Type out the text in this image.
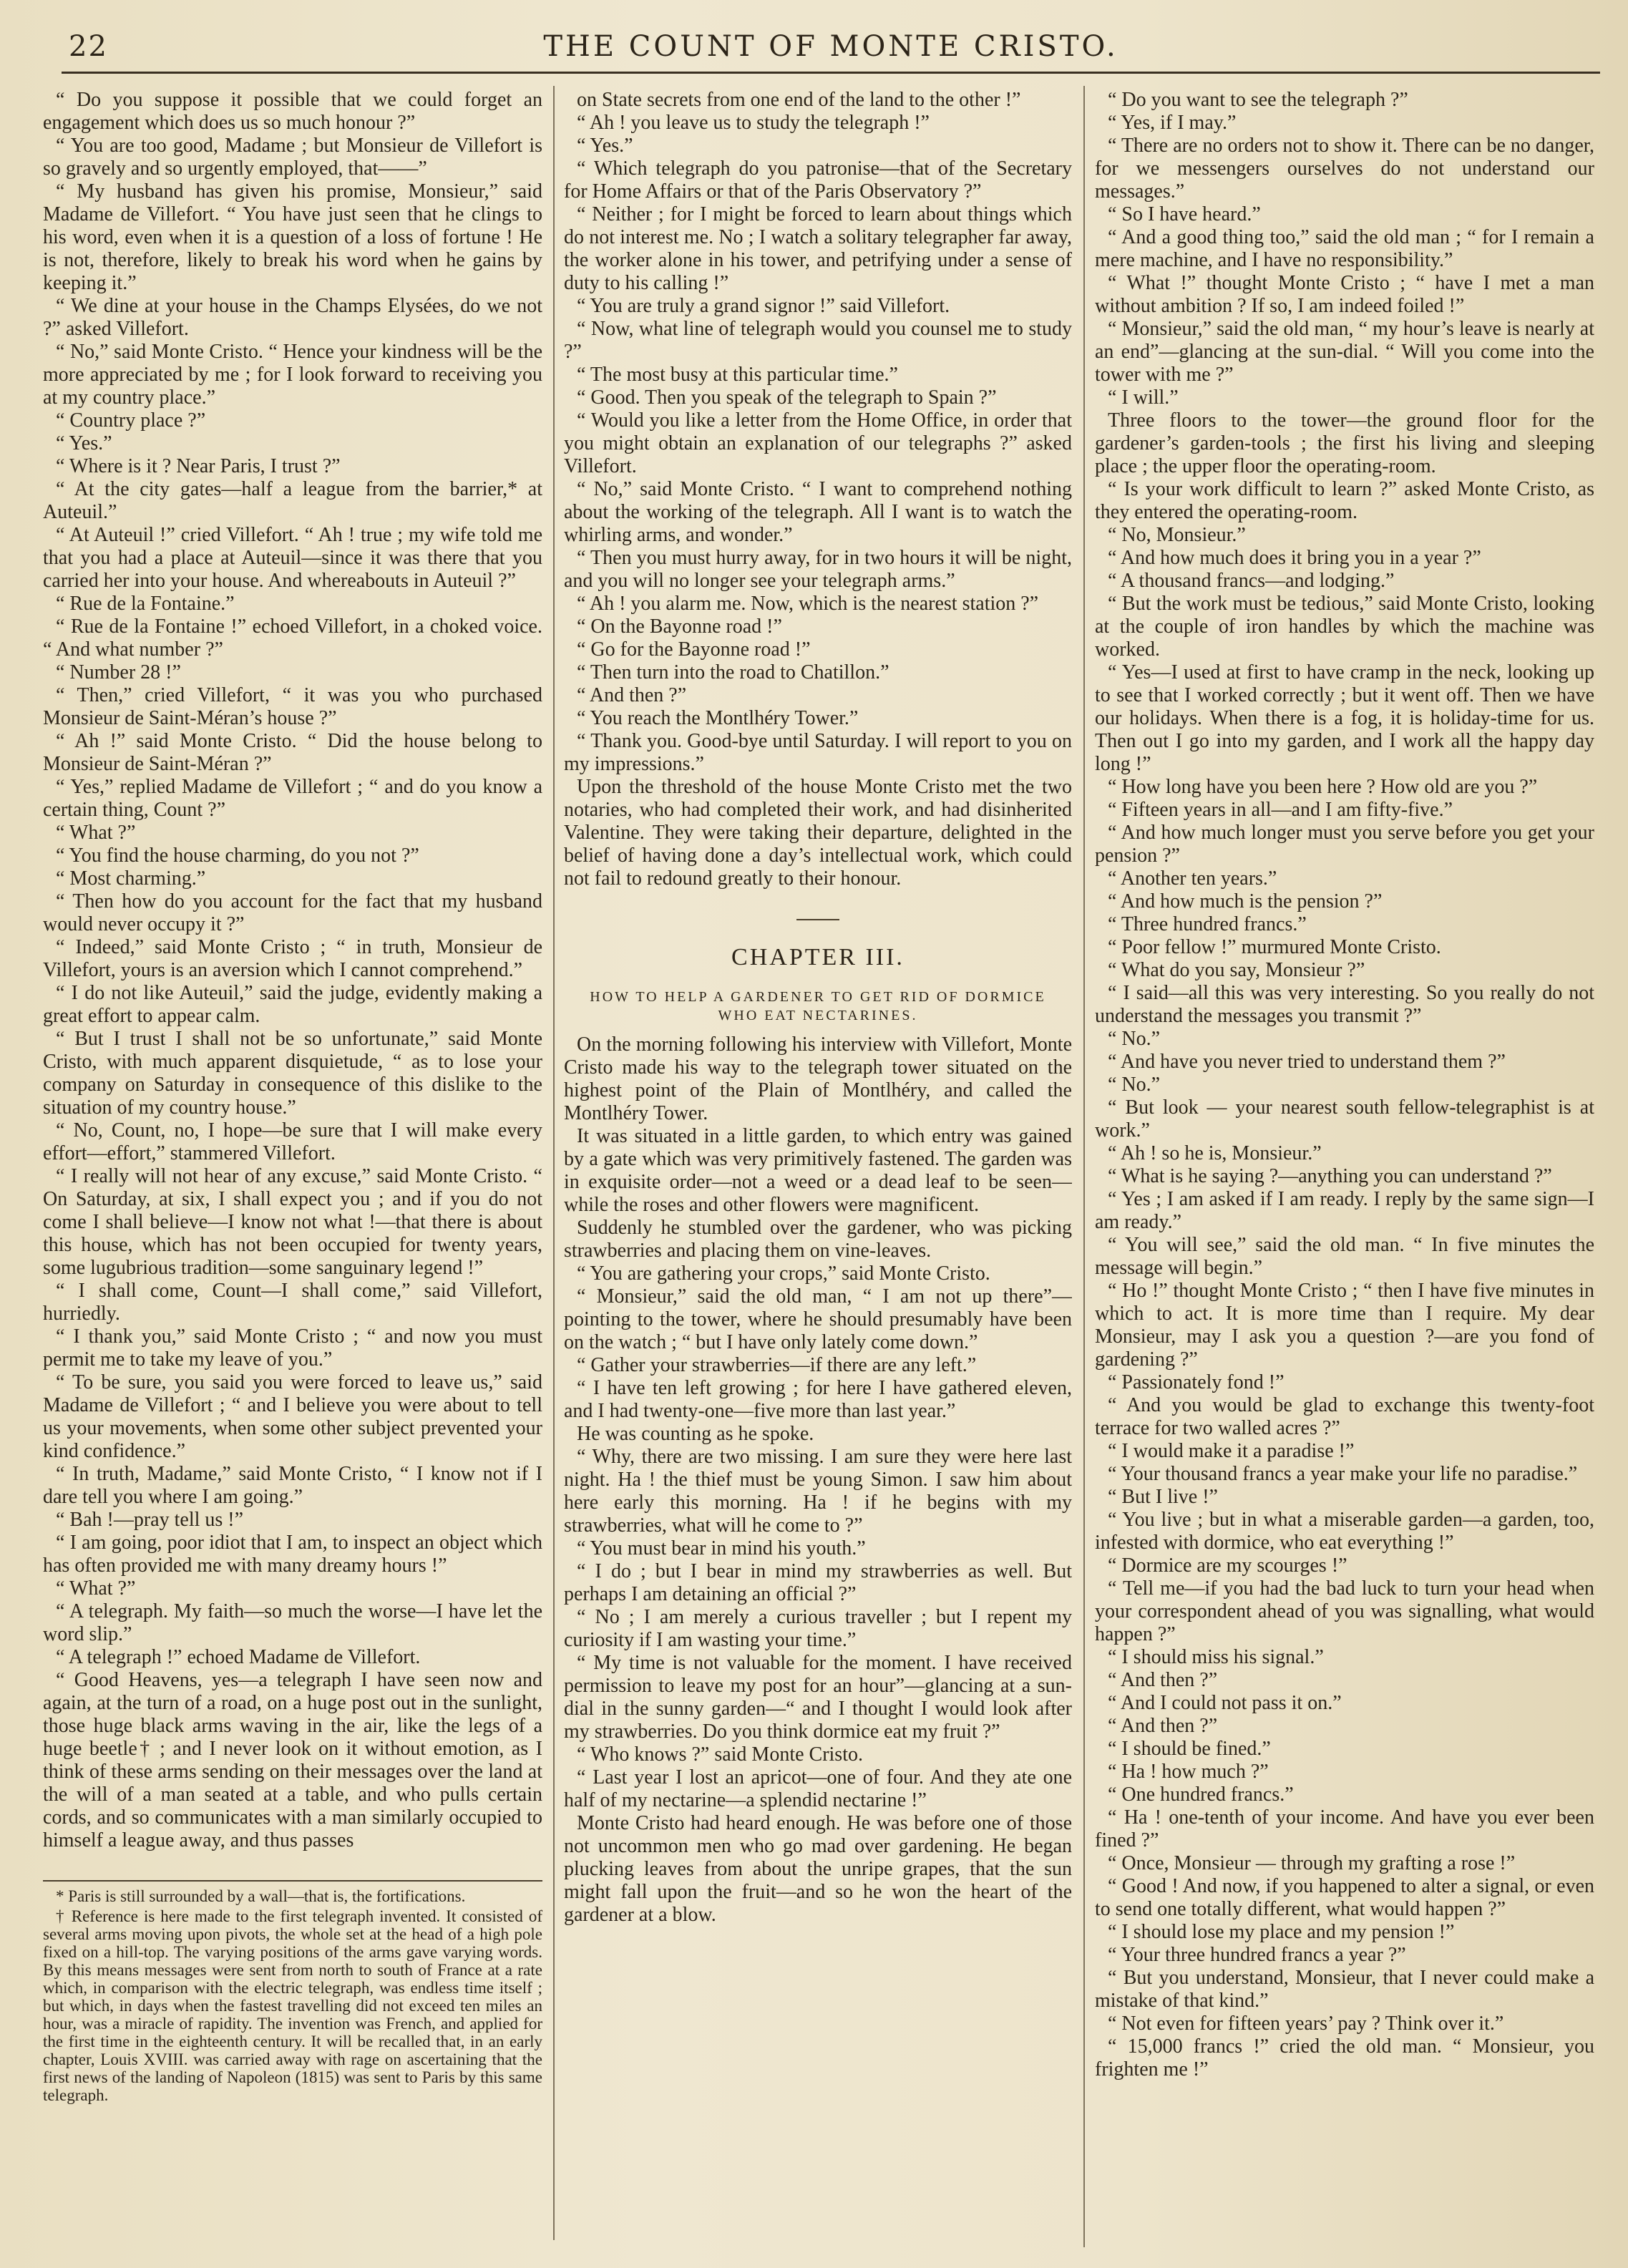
22	THE COUNT OF MONTE CRISTO.

“ Do you suppose it possible that we could forget an engagement which does us so much honour ?”

“ You are too good, Madame ; but Monsieur de Villefort is so gravely and so urgently employed, that——”

“ My husband has given his promise, Monsieur,” said Madame de Villefort. “ You have just seen that he clings to his word, even when it is a question of a loss of fortune ! He is not, therefore, likely to break his word when he gains by keeping it.”

“ We dine at your house in the Champs Elysées, do we not ?” asked Villefort.

“ No,” said Monte Cristo. “ Hence your kindness will be the more appreciated by me ; for I look forward to receiving you at my country place.”

“ Country place ?”

“ Yes.”

“ Where is it ? Near Paris, I trust ?”

“ At the city gates—half a league from the barrier,* at Auteuil.”

“ At Auteuil !” cried Villefort. “ Ah ! true ; my wife told me that you had a place at Auteuil—since it was there that you carried her into your house. And whereabouts in Auteuil ?”

“ Rue de la Fontaine.”

“ Rue de la Fontaine !” echoed Villefort, in a choked voice. “ And what number ?”

“ Number 28 !”

“ Then,” cried Villefort, “ it was you who purchased Monsieur de Saint-Méran’s house ?”

“ Ah !” said Monte Cristo. “ Did the house belong to Monsieur de Saint-Méran ?”

“ Yes,” replied Madame de Villefort ; “ and do you know a certain thing, Count ?”

“ What ?”

“ You find the house charming, do you not ?”

“ Most charming.”

“ Then how do you account for the fact that my husband would never occupy it ?”

“ Indeed,” said Monte Cristo ; “ in truth, Monsieur de Villefort, yours is an aversion which I cannot comprehend.”

“ I do not like Auteuil,” said the judge, evidently making a great effort to appear calm.

“ But I trust I shall not be so unfortunate,” said Monte Cristo, with much apparent disquietude, “ as to lose your company on Saturday in consequence of this dislike to the situation of my country house.”

“ No, Count, no, I hope—be sure that I will make every effort—effort,” stammered Villefort.

“ I really will not hear of any excuse,” said Monte Cristo. “ On Saturday, at six, I shall expect you ; and if you do not come I shall believe—I know not what !—that there is about this house, which has not been occupied for twenty years, some lugubrious tradition—some sanguinary legend !”

“ I shall come, Count—I shall come,” said Villefort, hurriedly.

“ I thank you,” said Monte Cristo ; “ and now you must permit me to take my leave of you.”

“ To be sure, you said you were forced to leave us,” said Madame de Villefort ; “ and I believe you were about to tell us your movements, when some other subject prevented your kind confidence.”

“ In truth, Madame,” said Monte Cristo, “ I know not if I dare tell you where I am going.”

“ Bah !—pray tell us !”

“ I am going, poor idiot that I am, to inspect an object which has often provided me with many dreamy hours !”

“ What ?”

“ A telegraph. My faith—so much the worse—I have let the word slip.”

“ A telegraph !” echoed Madame de Villefort.

“ Good Heavens, yes—a telegraph I have seen now and again, at the turn of a road, on a huge post out in the sunlight, those huge black arms waving in the air, like the legs of a huge beetle† ; and I never look on it without emotion, as I think of these arms sending on their messages over the land at the will of a man seated at a table, and who pulls certain cords, and so communicates with a man similarly occupied to himself a league away, and thus passes

* Paris is still surrounded by a wall—that is, the fortifications.

† Reference is here made to the first telegraph invented. It consisted of several arms moving upon pivots, the whole set at the head of a high pole fixed on a hill-top. The varying positions of the arms gave varying words. By this means messages were sent from north to south of France at a rate which, in comparison with the electric telegraph, was endless time itself ; but which, in days when the fastest travelling did not exceed ten miles an hour, was a miracle of rapidity. The invention was French, and applied for the first time in the eighteenth century. It will be recalled that, in an early chapter, Louis XVIII. was carried away with rage on ascertaining that the first news of the landing of Napoleon (1815) was sent to Paris by this same telegraph.

on State secrets from one end of the land to the other !”

“ Ah ! you leave us to study the telegraph !”

“ Yes.”

“ Which telegraph do you patronise—that of the Secretary for Home Affairs or that of the Paris Observatory ?”

“ Neither ; for I might be forced to learn about things which do not interest me. No ; I watch a solitary telegrapher far away, the worker alone in his tower, and petrifying under a sense of duty to his calling !”

“ You are truly a grand signor !” said Villefort.

“ Now, what line of telegraph would you counsel me to study ?”

“ The most busy at this particular time.”

“ Good. Then you speak of the telegraph to Spain ?”

“ Would you like a letter from the Home Office, in order that you might obtain an explanation of our telegraphs ?” asked Villefort.

“ No,” said Monte Cristo. “ I want to comprehend nothing about the working of the telegraph. All I want is to watch the whirling arms, and wonder.”

“ Then you must hurry away, for in two hours it will be night, and you will no longer see your telegraph arms.”

“ Ah ! you alarm me. Now, which is the nearest station ?”

“ On the Bayonne road !”

“ Go for the Bayonne road !”

“ Then turn into the road to Chatillon.”

“ And then ?”

“ You reach the Montlhéry Tower.”

“ Thank you. Good-bye until Saturday. I will report to you on my impressions.”

Upon the threshold of the house Monte Cristo met the two notaries, who had completed their work, and had disinherited Valentine. They were taking their departure, delighted in the belief of having done a day’s intellectual work, which could not fail to redound greatly to their honour.

CHAPTER III.
HOW TO HELP A GARDENER TO GET RID OF DORMICE WHO EAT NECTARINES.

On the morning following his interview with Villefort, Monte Cristo made his way to the telegraph tower situated on the highest point of the Plain of Montlhéry, and called the Montlhéry Tower.

It was situated in a little garden, to which entry was gained by a gate which was very primitively fastened. The garden was in exquisite order—not a weed or a dead leaf to be seen—while the roses and other flowers were magnificent.

Suddenly he stumbled over the gardener, who was picking strawberries and placing them on vine-leaves.

“ You are gathering your crops,” said Monte Cristo.

“ Monsieur,” said the old man, “ I am not up there”—pointing to the tower, where he should presumably have been on the watch ; “ but I have only lately come down.”

“ Gather your strawberries—if there are any left.”

“ I have ten left growing ; for here I have gathered eleven, and I had twenty-one—five more than last year.”

He was counting as he spoke.

“ Why, there are two missing. I am sure they were here last night. Ha ! the thief must be young Simon. I saw him about here early this morning. Ha ! if he begins with my strawberries, what will he come to ?”

“ You must bear in mind his youth.”

“ I do ; but I bear in mind my strawberries as well. But perhaps I am detaining an official ?”

“ No ; I am merely a curious traveller ; but I repent my curiosity if I am wasting your time.”

“ My time is not valuable for the moment. I have received permission to leave my post for an hour”—glancing at a sun-dial in the sunny garden—“ and I thought I would look after my strawberries. Do you think dormice eat my fruit ?”

“ Who knows ?” said Monte Cristo.

“ Last year I lost an apricot—one of four. And they ate one half of my nectarine—a splendid nectarine !”

Monte Cristo had heard enough. He was before one of those not uncommon men who go mad over gardening. He began plucking leaves from about the unripe grapes, that the sun might fall upon the fruit—and so he won the heart of the gardener at a blow.

“ Do you want to see the telegraph ?”

“ Yes, if I may.”

“ There are no orders not to show it. There can be no danger, for we messengers ourselves do not understand our messages.”

“ So I have heard.”

“ And a good thing too,” said the old man ; “ for I remain a mere machine, and I have no responsibility.”

“ What !” thought Monte Cristo ; “ have I met a man without ambition ? If so, I am indeed foiled !”

“ Monsieur,” said the old man, “ my hour’s leave is nearly at an end”—glancing at the sun-dial. “ Will you come into the tower with me ?”

“ I will.”

Three floors to the tower—the ground floor for the gardener’s garden-tools ; the first his living and sleeping place ; the upper floor the operating-room.

“ Is your work difficult to learn ?” asked Monte Cristo, as they entered the operating-room.

“ No, Monsieur.”

“ And how much does it bring you in a year ?”

“ A thousand francs—and lodging.”

“ But the work must be tedious,” said Monte Cristo, looking at the couple of iron handles by which the machine was worked.

“ Yes—I used at first to have cramp in the neck, looking up to see that I worked correctly ; but it went off. Then we have our holidays. When there is a fog, it is holiday-time for us. Then out I go into my garden, and I work all the happy day long !”

“ How long have you been here ? How old are you ?”

“ Fifteen years in all—and I am fifty-five.”

“ And how much longer must you serve before you get your pension ?”

“ Another ten years.”

“ And how much is the pension ?”

“ Three hundred francs.”

“ Poor fellow !” murmured Monte Cristo.

“ What do you say, Monsieur ?”

“ I said—all this was very interesting. So you really do not understand the messages you transmit ?”

“ No.”

“ And have you never tried to understand them ?”

“ No.”

“ But look — your nearest south fellow-telegraphist is at work.”

“ Ah ! so he is, Monsieur.”

“ What is he saying ?—anything you can understand ?”

“ Yes ; I am asked if I am ready. I reply by the same sign—I am ready.”

“ You will see,” said the old man. “ In five minutes the message will begin.”

“ Ho !” thought Monte Cristo ; “ then I have five minutes in which to act. It is more time than I require. My dear Monsieur, may I ask you a question ?—are you fond of gardening ?”

“ Passionately fond !”

“ And you would be glad to exchange this twenty-foot terrace for two walled acres ?”

“ I would make it a paradise !”

“ Your thousand francs a year make your life no paradise.”

“ But I live !”

“ You live ; but in what a miserable garden—a garden, too, infested with dormice, who eat everything !”

“ Dormice are my scourges !”

“ Tell me—if you had the bad luck to turn your head when your correspondent ahead of you was signalling, what would happen ?”

“ I should miss his signal.”

“ And then ?”

“ And I could not pass it on.”

“ And then ?”

“ I should be fined.”

“ Ha ! how much ?”

“ One hundred francs.”

“ Ha ! one-tenth of your income. And have you ever been fined ?”

“ Once, Monsieur — through my grafting a rose !”

“ Good ! And now, if you happened to alter a signal, or even to send one totally different, what would happen ?”

“ I should lose my place and my pension !”

“ Your three hundred francs a year ?”

“ But you understand, Monsieur, that I never could make a mistake of that kind.”

“ Not even for fifteen years’ pay ? Think over it.”

“ 15,000 francs !” cried the old man. “ Monsieur, you frighten me !”
